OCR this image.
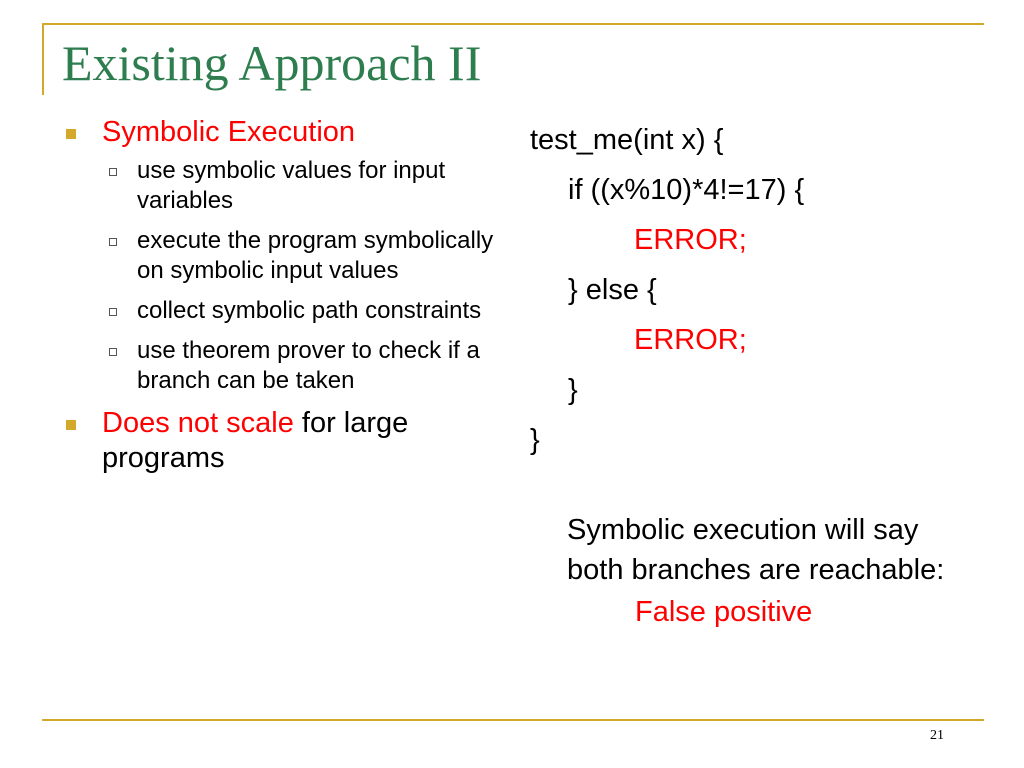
Existing Approach II
Symbolic Execution
use symbolic values for input variables
execute the program symbolically on symbolic input values
collect symbolic path constraints
use theorem prover to check if a branch can be taken
Does not scale for large programs
test_me(int x) {
if ((x%10)*4!=17) {
ERROR;
} else {
ERROR;
}
}
Symbolic execution will say both branches are reachable:
False positive
21
